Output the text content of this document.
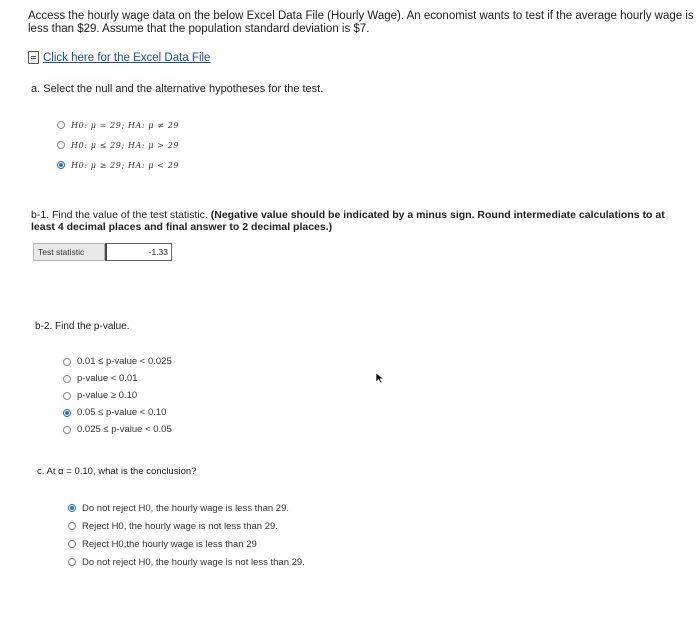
Access the hourly wage data on the below Excel Data File (Hourly Wage). An economist wants to test if the average hourly wage is
less than $29. Assume that the population standard deviation is $7.
Click here for the Excel Data File
a. Select the null and the alternative hypotheses for the test.
H0: μ = 29; HA: μ ≠ 29
H0: μ ≤ 29; HA: μ > 29
H0: μ ≥ 29; HA: μ < 29
b-1. Find the value of the test statistic. (Negative value should be indicated by a minus sign. Round intermediate calculations to at
least 4 decimal places and final answer to 2 decimal places.)
Test statistic	-1.33
b-2. Find the p-value.
0.01 ≤ p-value < 0.025
p-value < 0.01
p-value ≥ 0.10
0.05 ≤ p-value < 0.10
0.025 ≤ p-value < 0.05
c. At α = 0.10, what is the conclusion?
Do not reject H0, the hourly wage is less than 29.
Reject H0, the hourly wage is not less than 29.
Reject H0,the hourly wage is less than 29
Do not reject H0, the hourly wage is not less than 29.
